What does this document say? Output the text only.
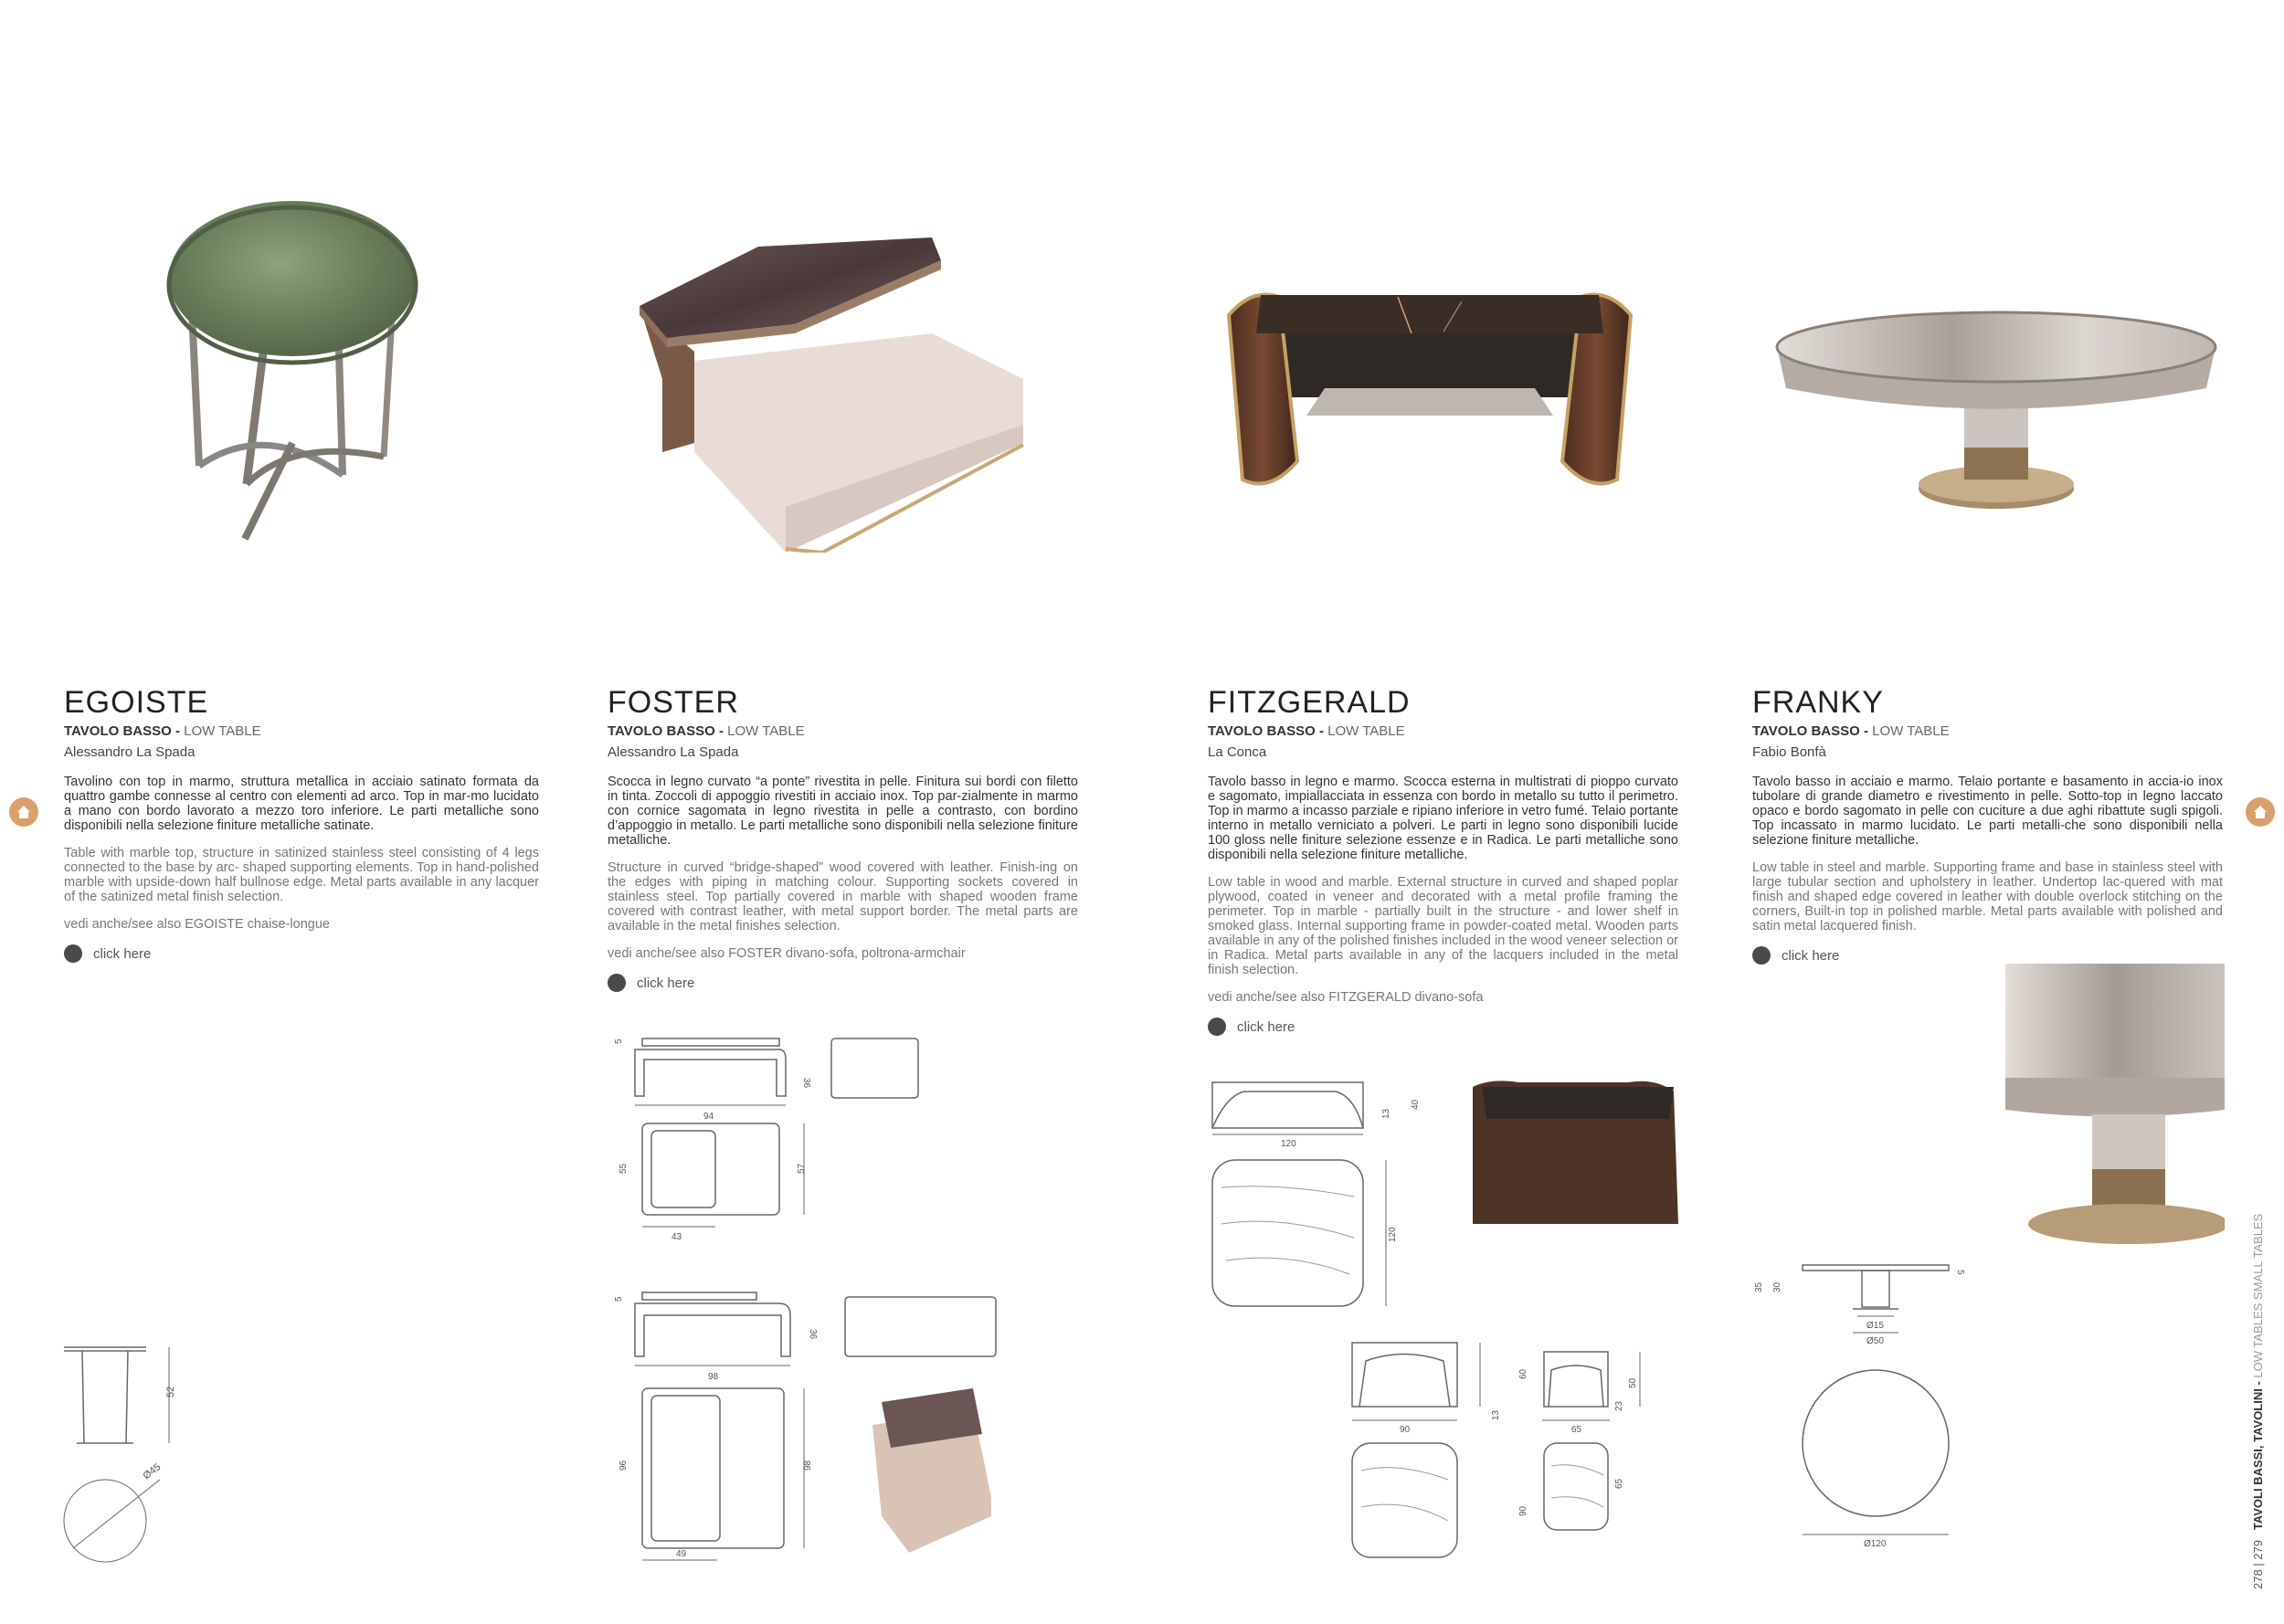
EGOISTE
TAVOLO BASSO - LOW TABLE
Alessandro La Spada
Tavolino con top in marmo, struttura metallica in acciaio satinato formata da quattro gambe connesse al centro con elementi ad arco. Top in mar-mo lucidato a mano con bordo lavorato a mezzo toro inferiore. Le parti metalliche sono disponibili nella selezione finiture metalliche satinate.
Table with marble top, structure in satinized stainless steel consisting of 4 legs connected to the base by arc- shaped supporting elements. Top in hand-polished marble with upside-down half bullnose edge. Metal parts available in any lacquer of the satinized metal finish selection.
vedi anche/see also EGOISTE chaise-longue
click here
FOSTER
TAVOLO BASSO - LOW TABLE
Alessandro La Spada
Scocca in legno curvato “a ponte” rivestita in pelle. Finitura sui bordi con filetto in tinta. Zoccoli di appoggio rivestiti in acciaio inox. Top par-zialmente in marmo con cornice sagomata in legno rivestita in pelle a contrasto, con bordino d’appoggio in metallo. Le parti metalliche sono disponibili nella selezione finiture metalliche.
Structure in curved “bridge-shaped” wood covered with leather. Finish-ing on the edges with piping in matching colour. Supporting sockets covered in stainless steel. Top partially covered in marble with shaped wooden frame covered with contrast leather, with metal support border. The metal parts are available in the metal finishes selection.
vedi anche/see also FOSTER divano-sofa, poltrona-armchair
click here
FITZGERALD
TAVOLO BASSO - LOW TABLE
La Conca
Tavolo basso in legno e marmo. Scocca esterna in multistrati di pioppo curvato e sagomato, impiallacciata in essenza con bordo in metallo su tutto il perimetro. Top in marmo a incasso parziale e ripiano inferiore in vetro fumé. Telaio portante interno in metallo verniciato a polveri. Le parti in legno sono disponibili lucide 100 gloss nelle finiture selezione essenze e in Radica. Le parti metalliche sono disponibili nella selezione finiture metalliche.
Low table in wood and marble. External structure in curved and shaped poplar plywood, coated in veneer and decorated with a metal profile framing the perimeter. Top in marble - partially built in the structure - and lower shelf in smoked glass. Internal supporting frame in powder-coated metal. Wooden parts available in any of the polished finishes included in the wood veneer selection or in Radica. Metal parts available in any of the lacquers included in the metal finish selection.
vedi anche/see also FITZGERALD divano-sofa
click here
FRANKY
TAVOLO BASSO - LOW TABLE
Fabio Bonfà
Tavolo basso in acciaio e marmo. Telaio portante e basamento in accia-io inox tubolare di grande diametro e rivestimento in pelle. Sotto-top in legno laccato opaco e bordo sagomato in pelle con cuciture a due aghi ribattute sugli spigoli. Top incassato in marmo lucidato. Le parti metalli-che sono disponibili nella selezione finiture metalliche.
Low table in steel and marble. Supporting frame and base in stainless steel with large tubular section and upholstery in leather. Undertop lac-quered with mat finish and shaped edge covered in leather with double overlock stitching on the corners, Built-in top in polished marble. Metal parts available with polished and satin metal lacquered finish.
click here
52
Ø45
5
36
94
55	57
43
5
36
98
96	98
49
120
13
40
120
90	65
13
60
23
50
90
65
35 30
5
Ø15
Ø50
Ø120	278 | 279   TAVOLI BASSI, TAVOLINI - LOW TABLES SMALL TABLES
